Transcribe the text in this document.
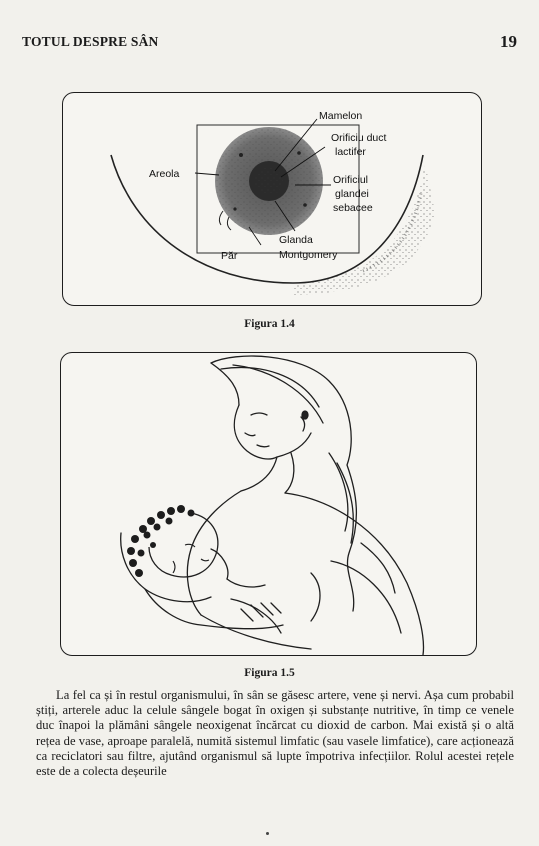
TOTUL DESPRE SÂN	19
Mamelon
Orificiu duct
lactifer
Areola	Orificiul
glandei
sebacee
Glanda
Montgomery
Păr
Figura 1.4
Figura 1.5

La fel ca și în restul organismului, în sân se găsesc artere, vene și nervi. Așa cum probabil știți, arterele aduc la celule sângele bogat în oxigen și substanțe nutritive, în timp ce venele duc înapoi la plămâni sângele neoxigenat încărcat cu dioxid de carbon. Mai există și o altă rețea de vase, aproape paralelă, numită sistemul limfatic (sau vasele limfatice), care acționează ca reciclatori sau filtre, ajutând organismul să lupte împotriva infecțiilor. Rolul acestei rețele este de a colecta deșeurile
